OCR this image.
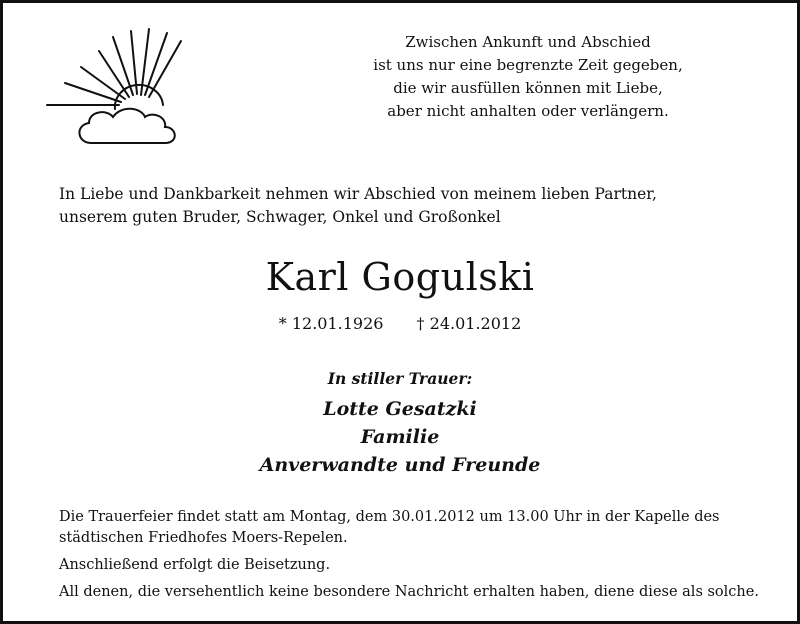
Zwischen Ankunft und Abschied
ist uns nur eine begrenzte Zeit gegeben,
die wir ausfüllen können mit Liebe,
aber nicht anhalten oder verlängern.
In Liebe und Dankbarkeit nehmen wir Abschied von meinem lieben Partner,
unserem guten Bruder, Schwager, Onkel und Großonkel
Karl Gogulski
* 12.01.1926 † 24.01.2012
In stiller Trauer:
Lotte Gesatzki
Familie
Anverwandte und Freunde

Die Trauerfeier findet statt am Montag, dem 30.01.2012 um 13.00 Uhr in der Kapelle des
städtischen Friedhofes Moers-Repelen.

Anschließend erfolgt die Beisetzung.

All denen, die versehentlich keine besondere Nachricht erhalten haben, diene diese als solche.
